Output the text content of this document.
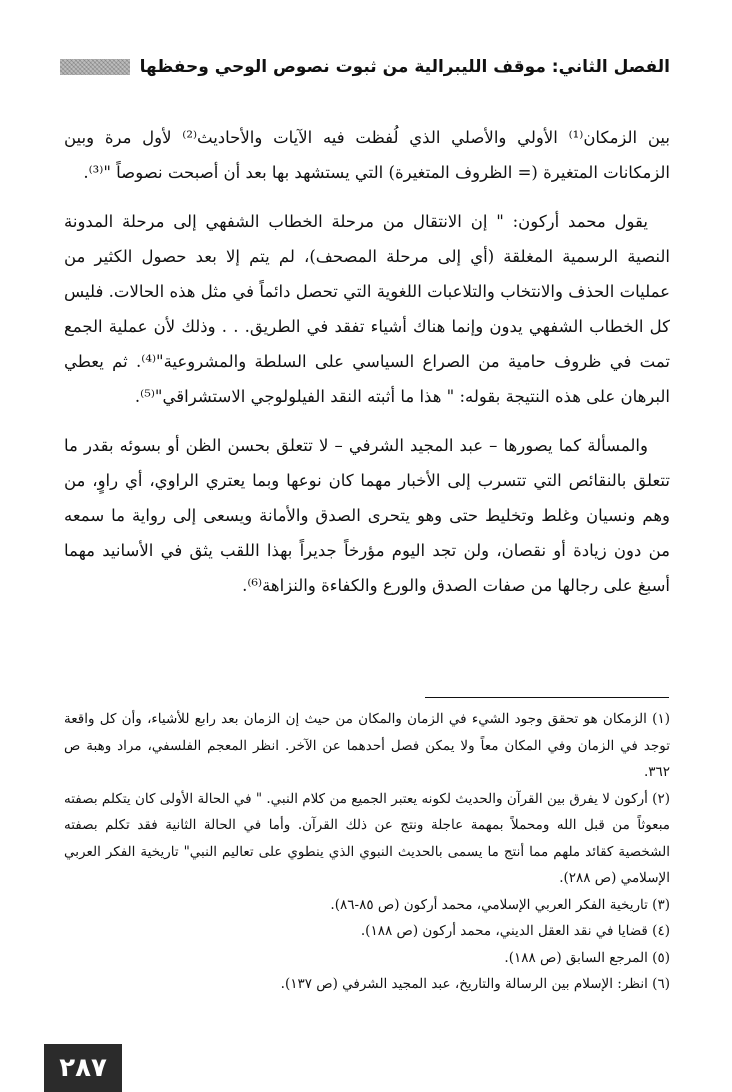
الفصل الثاني: موقف الليبرالية من ثبوت نصوص الوحي وحفظها

بين الزمكان⁽¹⁾ الأولي والأصلي الذي لُفظت فيه الآيات والأحاديث⁽²⁾ لأول مرة وبين الزمكانات المتغيرة (= الظروف المتغيرة) التي يستشهد بها بعد أن أصبحت نصوصاً "⁽³⁾.

يقول محمد أركون: " إن الانتقال من مرحلة الخطاب الشفهي إلى مرحلة المدونة النصية الرسمية المغلقة (أي إلى مرحلة المصحف)، لم يتم إلا بعد حصول الكثير من عمليات الحذف والانتخاب والتلاعبات اللغوية التي تحصل دائماً في مثل هذه الحالات. فليس كل الخطاب الشفهي يدون وإنما هناك أشياء تفقد في الطريق. . . وذلك لأن عملية الجمع تمت في ظروف حامية من الصراع السياسي على السلطة والمشروعية"⁽⁴⁾. ثم يعطي البرهان على هذه النتيجة بقوله: " هذا ما أثبته النقد الفيلولوجي الاستشراقي"⁽⁵⁾.

والمسألة كما يصورها – عبد المجيد الشرفي – لا تتعلق بحسن الظن أو بسوئه بقدر ما تتعلق بالنقائص التي تتسرب إلى الأخبار مهما كان نوعها وبما يعتري الراوي، أي راوٍ، من وهم ونسيان وغلط وتخليط حتى وهو يتحرى الصدق والأمانة ويسعى إلى رواية ما سمعه من دون زيادة أو نقصان، ولن تجد اليوم مؤرخاً جديراً بهذا اللقب يثق في الأسانيد مهما أسبغ على رجالها من صفات الصدق والورع والكفاءة والنزاهة⁽⁶⁾.

(١) الزمكان هو تحقق وجود الشيء في الزمان والمكان من حيث إن الزمان بعد رابع للأشياء، وأن كل واقعة توجد في الزمان وفي المكان معاً ولا يمكن فصل أحدهما عن الآخر. انظر المعجم الفلسفي، مراد وهبة ص ٣٦٢.

(٢) أركون لا يفرق بين القرآن والحديث لكونه يعتبر الجميع من كلام النبي. " في الحالة الأولى كان يتكلم بصفته مبعوثاً من قبل الله ومحملاً بمهمة عاجلة ونتج عن ذلك القرآن. وأما في الحالة الثانية فقد تكلم بصفته الشخصية كقائد ملهم مما أنتج ما يسمى بالحديث النبوي الذي ينطوي على تعاليم النبي" تاريخية الفكر العربي الإسلامي (ص ٢٨٨).

(٣) تاريخية الفكر العربي الإسلامي، محمد أركون (ص ٨٥-٨٦).

(٤) قضايا في نقد العقل الديني، محمد أركون (ص ١٨٨).

(٥) المرجع السابق (ص ١٨٨).

(٦) انظر: الإسلام بين الرسالة والتاريخ، عبد المجيد الشرفي (ص ١٣٧).

٢٨٧
